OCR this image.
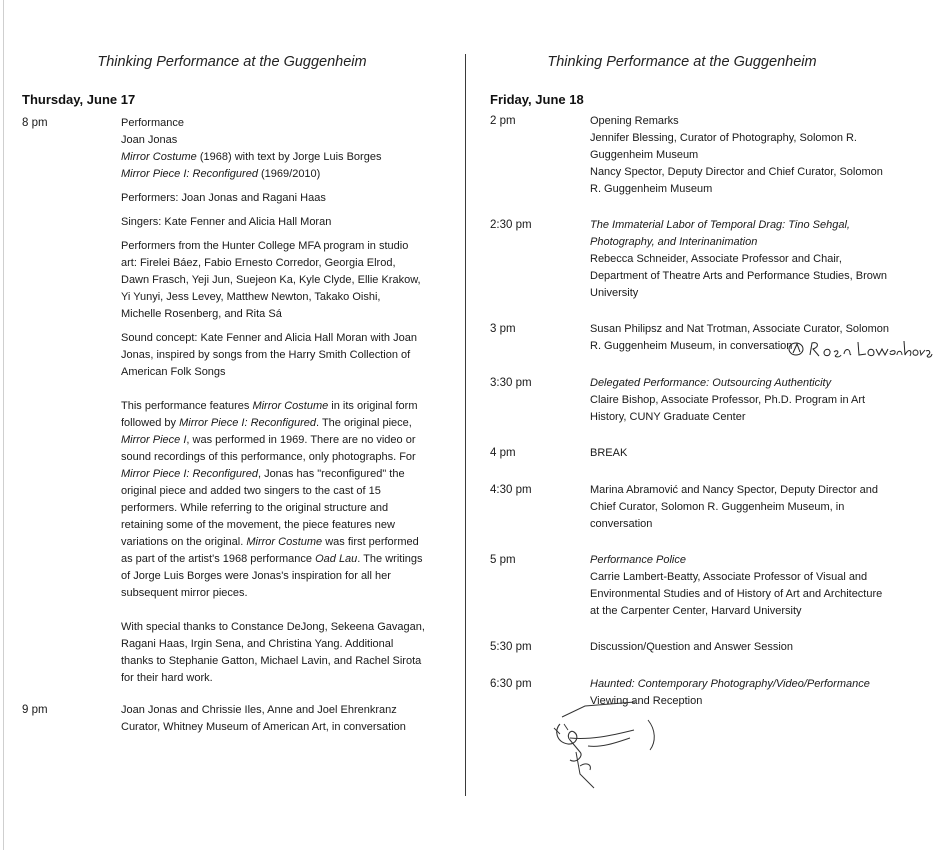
Thinking Performance at the Guggenheim
Thursday, June 17
8 pm	Performance
Joan Jonas
Mirror Costume (1968) with text by Jorge Luis Borges
Mirror Piece I: Reconfigured (1969/2010)
Performers: Joan Jonas and Ragani Haas
Singers: Kate Fenner and Alicia Hall Moran
Performers from the Hunter College MFA program in studio
art: Firelei Báez, Fabio Ernesto Corredor, Georgia Elrod,
Dawn Frasch, Yeji Jun, Suejeon Ka, Kyle Clyde, Ellie Krakow,
Yi Yunyi, Jess Levey, Matthew Newton, Takako Oishi,
Michelle Rosenberg, and Rita Sá
Sound concept: Kate Fenner and Alicia Hall Moran with Joan
Jonas, inspired by songs from the Harry Smith Collection of
American Folk Songs
This performance features Mirror Costume in its original form
followed by Mirror Piece I: Reconfigured. The original piece,
Mirror Piece I, was performed in 1969. There are no video or
sound recordings of this performance, only photographs. For
Mirror Piece I: Reconfigured, Jonas has "reconfigured" the
original piece and added two singers to the cast of 15
performers. While referring to the original structure and
retaining some of the movement, the piece features new
variations on the original. Mirror Costume was first performed
as part of the artist's 1968 performance Oad Lau. The writings
of Jorge Luis Borges were Jonas's inspiration for all her
subsequent mirror pieces.
With special thanks to Constance DeJong, Sekeena Gavagan,
Ragani Haas, Irgin Sena, and Christina Yang. Additional
thanks to Stephanie Gatton, Michael Lavin, and Rachel Sirota
for their hard work.
9 pm	Joan Jonas and Chrissie Iles, Anne and Joel Ehrenkranz
Curator, Whitney Museum of American Art, in conversation
Thinking Performance at the Guggenheim
Friday, June 18
2 pm	Opening Remarks
Jennifer Blessing, Curator of Photography, Solomon R.
Guggenheim Museum
Nancy Spector, Deputy Director and Chief Curator, Solomon
R. Guggenheim Museum
2:30 pm	The Immaterial Labor of Temporal Drag: Tino Sehgal,
Photography, and Interinanimation
Rebecca Schneider, Associate Professor and Chair,
Department of Theatre Arts and Performance Studies, Brown
University
3 pm	Susan Philipsz and Nat Trotman, Associate Curator, Solomon
R. Guggenheim Museum, in conversation
3:30 pm	Delegated Performance: Outsourcing Authenticity
Claire Bishop, Associate Professor, Ph.D. Program in Art
History, CUNY Graduate Center
4 pm	BREAK
4:30 pm	Marina Abramović and Nancy Spector, Deputy Director and
Chief Curator, Solomon R. Guggenheim Museum, in
conversation
5 pm	Performance Police
Carrie Lambert-Beatty, Associate Professor of Visual and
Environmental Studies and of History of Art and Architecture
at the Carpenter Center, Harvard University
5:30 pm	Discussion/Question and Answer Session
6:30 pm	Haunted: Contemporary Photography/Video/Performance
Viewing and Reception
